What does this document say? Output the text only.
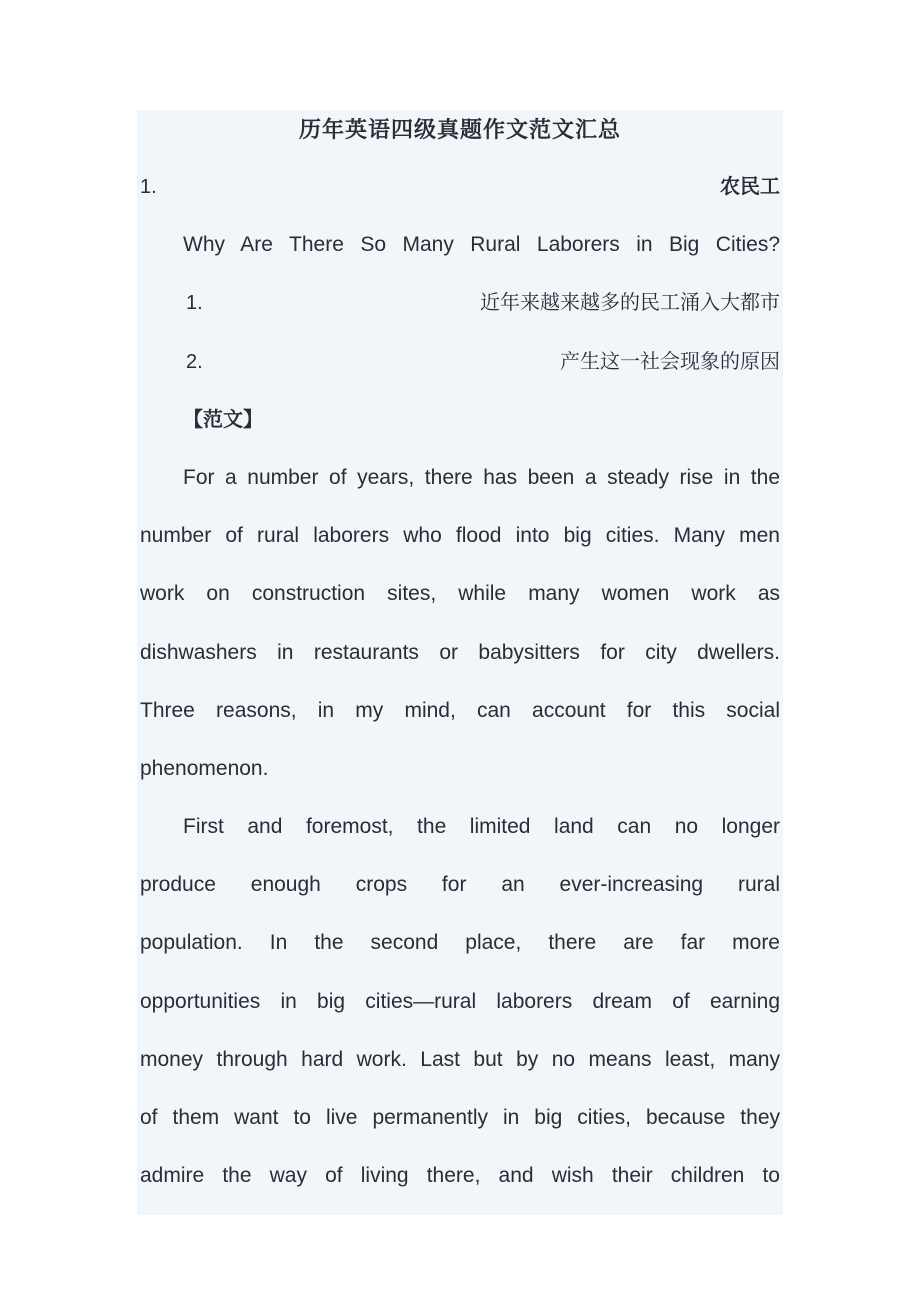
历年英语四级真题作文范文汇总
1.	农民工
Why Are There So Many Rural Laborers in Big Cities?
1.	近年来越来越多的民工涌入大都市
2.	产生这一社会现象的原因
【范文】
For a number of years, there has been a steady rise in the
number of rural laborers who flood into big cities. Many men
work on construction sites, while many women work as
dishwashers in restaurants or babysitters for city dwellers.
Three reasons, in my mind, can account for this social
phenomenon.
First and foremost, the limited land can no longer
produce enough crops for an ever-increasing rural
population. In the second place, there are far more
opportunities in big cities—rural laborers dream of earning
money through hard work. Last but by no means least, many
of them want to live permanently in big cities, because they
admire the way of living there, and wish their children to
